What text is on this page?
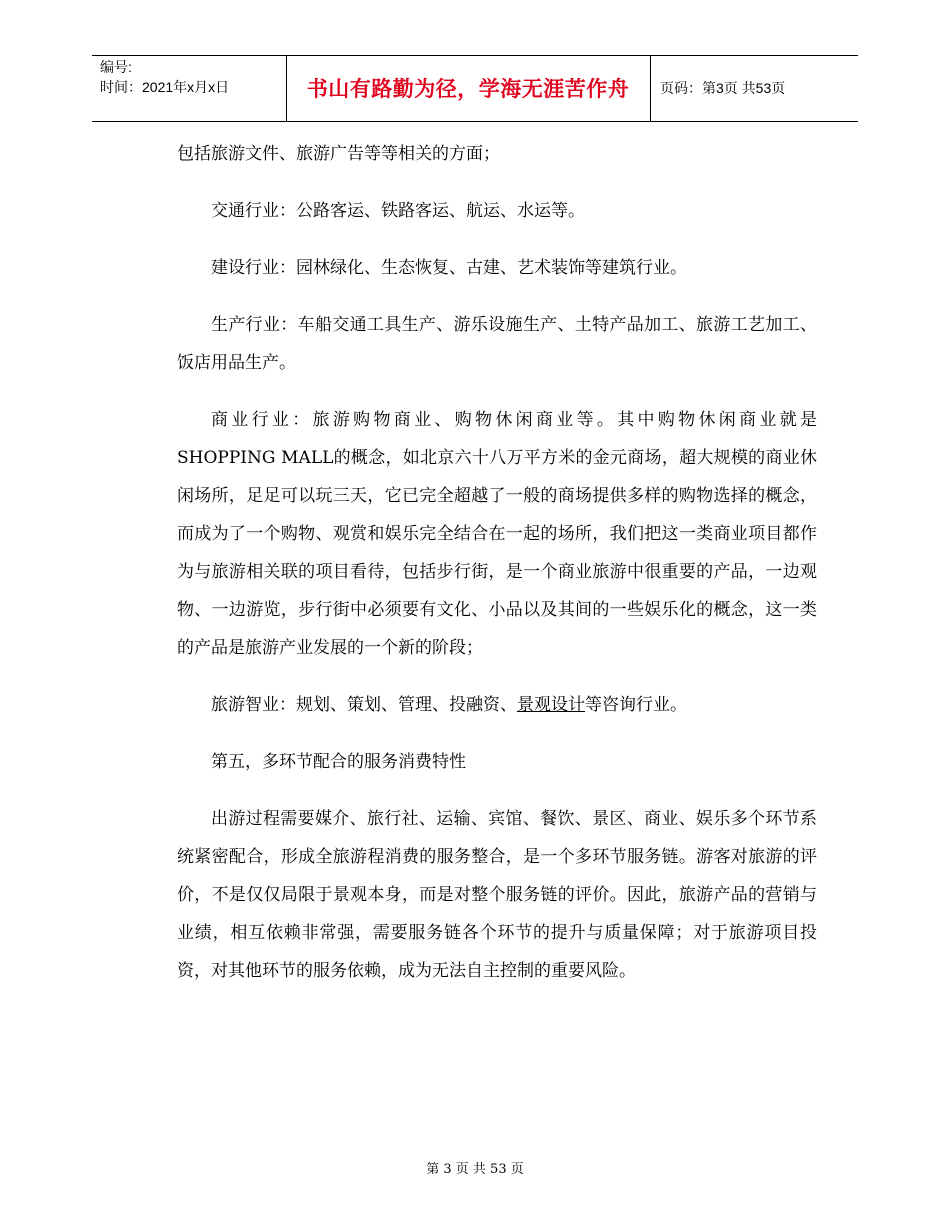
编号:
时间：2021年x月x日	书山有路勤为径，学海无涯苦作舟	页码：第3页 共53页

包括旅游文件、旅游广告等等相关的方面；

交通行业：公路客运、铁路客运、航运、水运等。

建设行业：园林绿化、生态恢复、古建、艺术装饰等建筑行业。

生产行业：车船交通工具生产、游乐设施生产、土特产品加工、旅游工艺加工、饭店用品生产。

商业行业：旅游购物商业、购物休闲商业等。其中购物休闲商业就是SHOPPING MALL的概念，如北京六十八万平方米的金元商场，超大规模的商业休闲场所，足足可以玩三天，它已完全超越了一般的商场提供多样的购物选择的概念，而成为了一个购物、观赏和娱乐完全结合在一起的场所，我们把这一类商业项目都作为与旅游相关联的项目看待，包括步行街，是一个商业旅游中很重要的产品，一边观物、一边游览，步行街中必须要有文化、小品以及其间的一些娱乐化的概念，这一类的产品是旅游产业发展的一个新的阶段；

旅游智业：规划、策划、管理、投融资、景观设计等咨询行业。

第五，多环节配合的服务消费特性

出游过程需要媒介、旅行社、运输、宾馆、餐饮、景区、商业、娱乐多个环节系统紧密配合，形成全旅游程消费的服务整合，是一个多环节服务链。游客对旅游的评价，不是仅仅局限于景观本身，而是对整个服务链的评价。因此，旅游产品的营销与业绩，相互依赖非常强，需要服务链各个环节的提升与质量保障；对于旅游项目投资，对其他环节的服务依赖，成为无法自主控制的重要风险。

第 3 页 共 53 页
